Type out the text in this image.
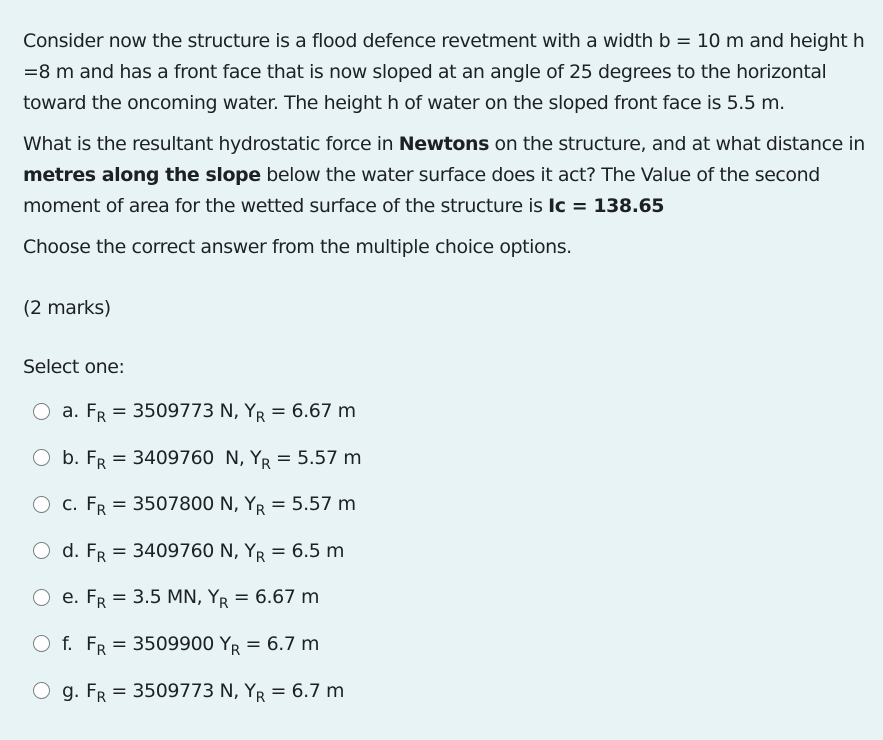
Consider now the structure is a flood defence revetment with a width b = 10 m and height h =8 m and has a front face that is now sloped at an angle of 25 degrees to the horizontal toward the oncoming water. The height h of water on the sloped front face is 5.5 m.

What is the resultant hydrostatic force in Newtons on the structure, and at what distance in metres along the slope below the water surface does it act? The Value of the second moment of area for the wetted surface of the structure is Ic = 138.65

Choose the correct answer from the multiple choice options.

(2 marks)
Select one:
a. $F_R = 3509773$ N, $Y_R = 6.67$ m
b. $F_R = 3409760$  N, $Y_R = 5.57$ m
c. $F_R = 3507800$ N, $Y_R = 5.57$ m
d. $F_R = 3409760$ N, $Y_R = 6.5$ m
e. $F_R = 3.5$ MN, $Y_R = 6.67$ m
f. $F_R = 3509900$ $Y_R = 6.7$ m
g. $F_R = 3509773$ N, $Y_R = 6.7$ m
